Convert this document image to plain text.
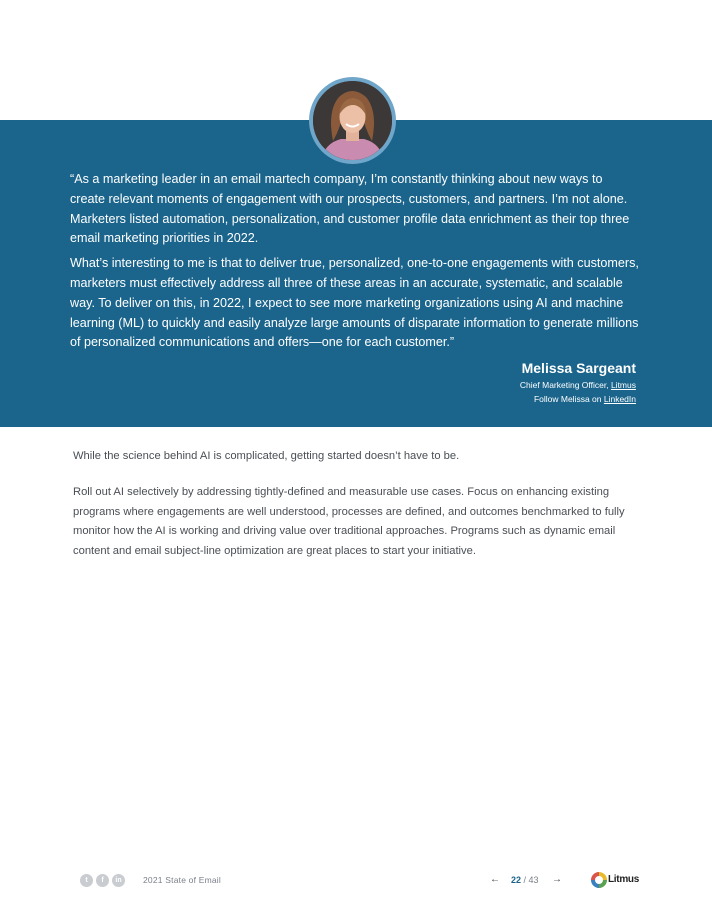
“As a marketing leader in an email martech company, I’m constantly thinking about new ways to create relevant moments of engagement with our prospects, customers, and partners. I’m not alone. Marketers listed automation, personalization, and customer profile data enrichment as their top three email marketing priorities in 2022.

What’s interesting to me is that to deliver true, personalized, one-to-one engagements with customers, marketers must effectively address all three of these areas in an accurate, systematic, and scalable way. To deliver on this, in 2022, I expect to see more marketing organizations using AI and machine learning (ML) to quickly and easily analyze large amounts of disparate information to generate millions of personalized communications and offers—one for each customer.”

Melissa Sargeant
Chief Marketing Officer, Litmus
Follow Melissa on LinkedIn

While the science behind AI is complicated, getting started doesn’t have to be.

Roll out AI selectively by addressing tightly-defined and measurable use cases. Focus on enhancing existing programs where engagements are well understood, processes are defined, and outcomes benchmarked to fully monitor how the AI is working and driving value over traditional approaches. Programs such as dynamic email content and email subject-line optimization are great places to start your initiative.

t	f	in	2021 State of Email	← 22 / 43 →	Litmus
